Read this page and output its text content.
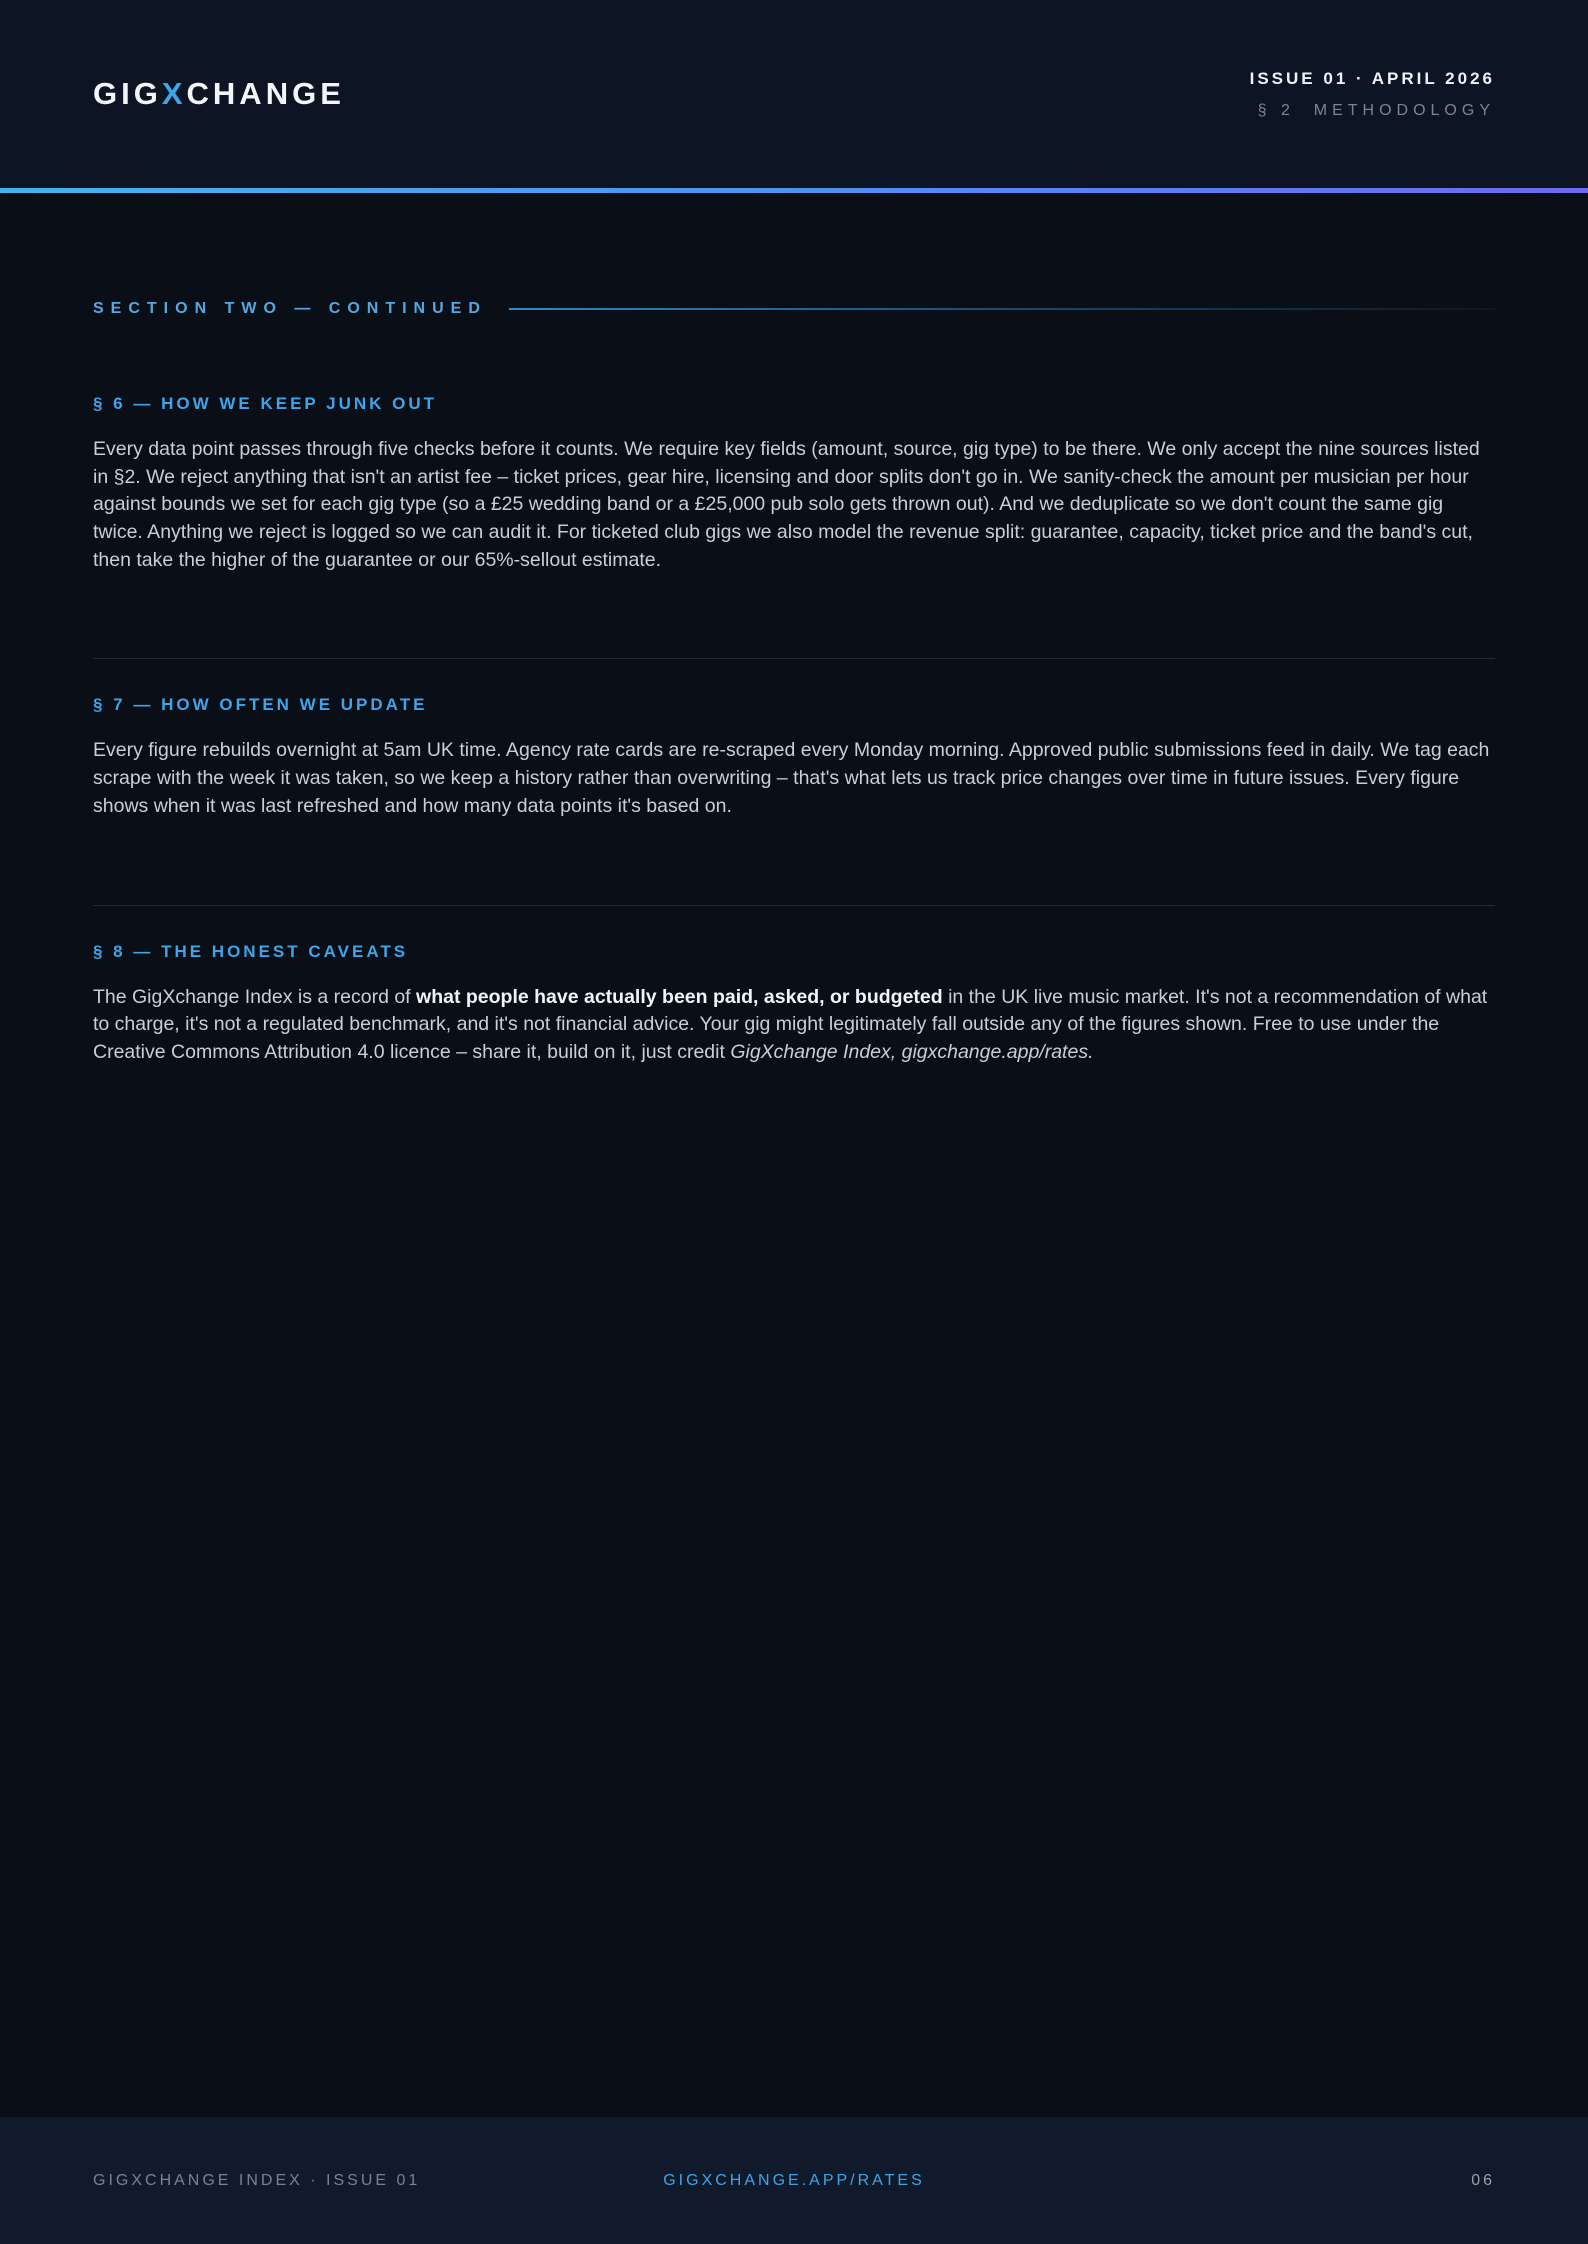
GIGXCHANGE	ISSUE 01 · APRIL 2026
§ 2  METHODOLOGY
SECTION TWO — CONTINUED
§ 6 — HOW WE KEEP JUNK OUT

Every data point passes through five checks before it counts. We require key fields (amount, source, gig type) to be there. We only accept the nine sources listed in §2. We reject anything that isn't an artist fee – ticket prices, gear hire, licensing and door splits don't go in. We sanity-check the amount per musician per hour against bounds we set for each gig type (so a £25 wedding band or a £25,000 pub solo gets thrown out). And we deduplicate so we don't count the same gig twice. Anything we reject is logged so we can audit it. For ticketed club gigs we also model the revenue split: guarantee, capacity, ticket price and the band's cut, then take the higher of the guarantee or our 65%-sellout estimate.

§ 7 — HOW OFTEN WE UPDATE

Every figure rebuilds overnight at 5am UK time. Agency rate cards are re-scraped every Monday morning. Approved public submissions feed in daily. We tag each scrape with the week it was taken, so we keep a history rather than overwriting – that's what lets us track price changes over time in future issues. Every figure shows when it was last refreshed and how many data points it's based on.

§ 8 — THE HONEST CAVEATS

The GigXchange Index is a record of what people have actually been paid, asked, or budgeted in the UK live music market. It's not a recommendation of what to charge, it's not a regulated benchmark, and it's not financial advice. Your gig might legitimately fall outside any of the figures shown. Free to use under the Creative Commons Attribution 4.0 licence – share it, build on it, just credit GigXchange Index, gigxchange.app/rates.

GIGXCHANGE INDEX · ISSUE 01	GIGXCHANGE.APP/RATES	06
